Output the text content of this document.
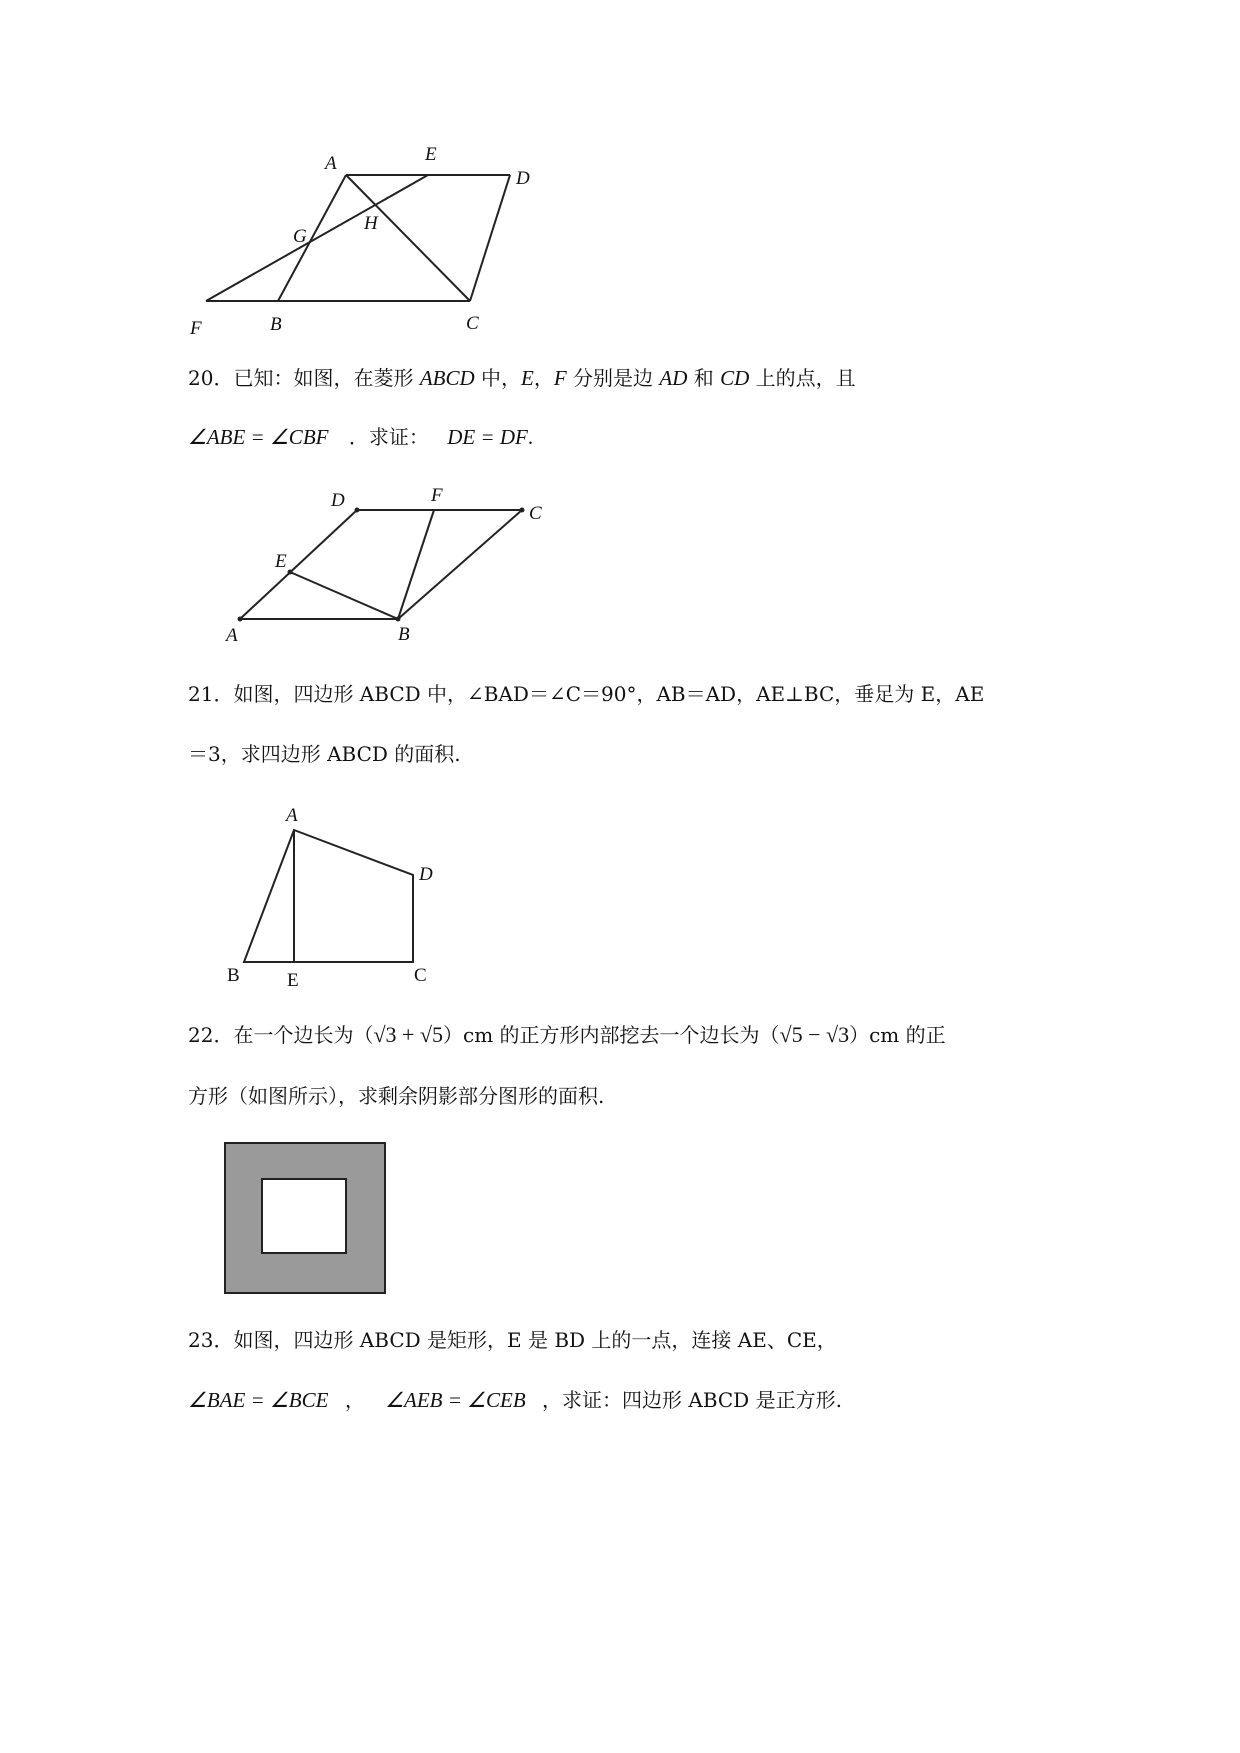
A	E
D
G
H
F	B	C
20．已知：如图，在菱形 ABCD 中，E，F 分别是边 AD 和 CD 上的点，且
∠ABE = ∠CBF ．求证： DE = DF.
D	F
C
E
A	B
21．如图，四边形 ABCD 中，∠BAD＝∠C＝90°，AB＝AD，AE⊥BC，垂足为 E，AE
＝3，求四边形 ABCD 的面积.
A
D
B E	C
22．在一个边长为（√3 + √5）cm 的正方形内部挖去一个边长为（√5 − √3）cm 的正
方形（如图所示），求剩余阴影部分图形的面积.
23．如图，四边形 ABCD 是矩形，E 是 BD 上的一点，连接 AE、CE，
∠BAE = ∠BCE ， ∠AEB = ∠CEB ，求证：四边形 ABCD 是正方形.
